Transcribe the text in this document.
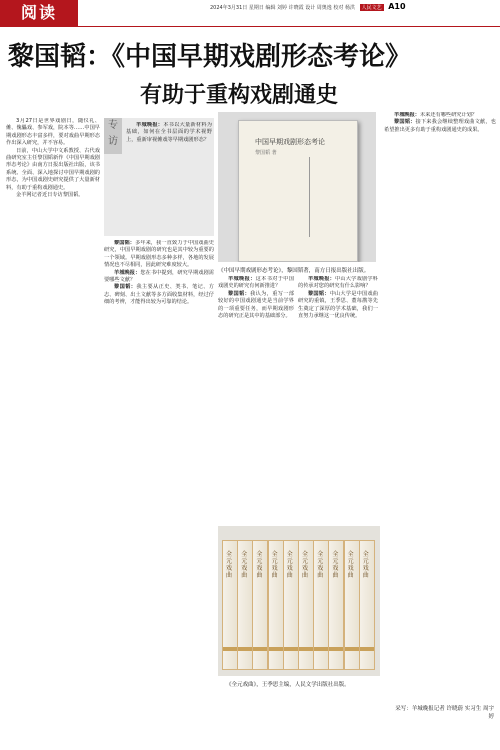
阅读	2024年3月31日 星期日 编辑 刘婷 许晓霞 设计 周奥逸 校对 杨洪 人民文艺 A10
黎国韬：《中国早期戏剧形态考论》
有助于重构戏剧通史

3月27日是世界戏剧日，随仪礼、傩、傀儡戏、参军戏，院本等……中国早期戏剧形态丰富多样，要对戏曲早期形态作出深入研究，并不容易。

日前，中山大学中文系教授、古代戏曲研究室主任黎国韬新作《中国早期戏剧形态考论》由南方日报出版社出版，该书系统、全面、深入地探讨中国早期戏剧的形态，为中国戏剧史研究提供了大量新材料，有助于重构戏剧通史。

金羊网记者近日专访黎国韬。

专访

羊城晚报：本书以大量新材料为基础，如何在全书层面的学术视野上，重新审视傩戏等早期戏剧形态？

黎国韬：多年来，我一直致力于中国戏曲史研究，中国早期戏剧的研究也是其中较为重要的一个领域。早期戏剧形态多种多样，各地的发展情况也不尽相同，因此研究难度较大。

羊城晚报：您在书中提到，研究早期戏剧需要哪些文献？

黎国韬：我主要从正史、类书、笔记、方志、碑刻、出土文献等多方面收集材料，经过仔细的考辨，才能得出较为可靠的结论。

中国早期戏剧形态考论
黎国韬 著
《中国早期戏剧形态考论》，黎国韬著，南方日报出版社出版。

羊城晚报：这本书对于中国戏剧史的研究有何新推进？

黎国韬：我认为，重写一部较好的中国戏剧通史是当前学界的一项重要任务，而早期戏剧形态的研究正是其中的基础部分。

羊城晚报：中山大学戏剧学科的传承对您的研究有什么影响？

黎国韬：中山大学是中国戏曲研究的重镇，王季思、董每戡等先生奠定了深厚的学术基础，我们一直努力承继这一优良传统。

羊城晚报：未来还有哪些研究计划？

黎国韬：接下来我会继续整理戏曲文献，也希望推出更多有助于重构戏剧通史的成果。

全元戏曲
全元戏曲
全元戏曲
全元戏曲
全元戏曲
全元戏曲
全元戏曲
全元戏曲
全元戏曲
全元戏曲
《全元戏曲》，王季思主编，人民文学出版社出版。
采写：羊城晚报记者 许晓蔚 实习生 周宇婷
